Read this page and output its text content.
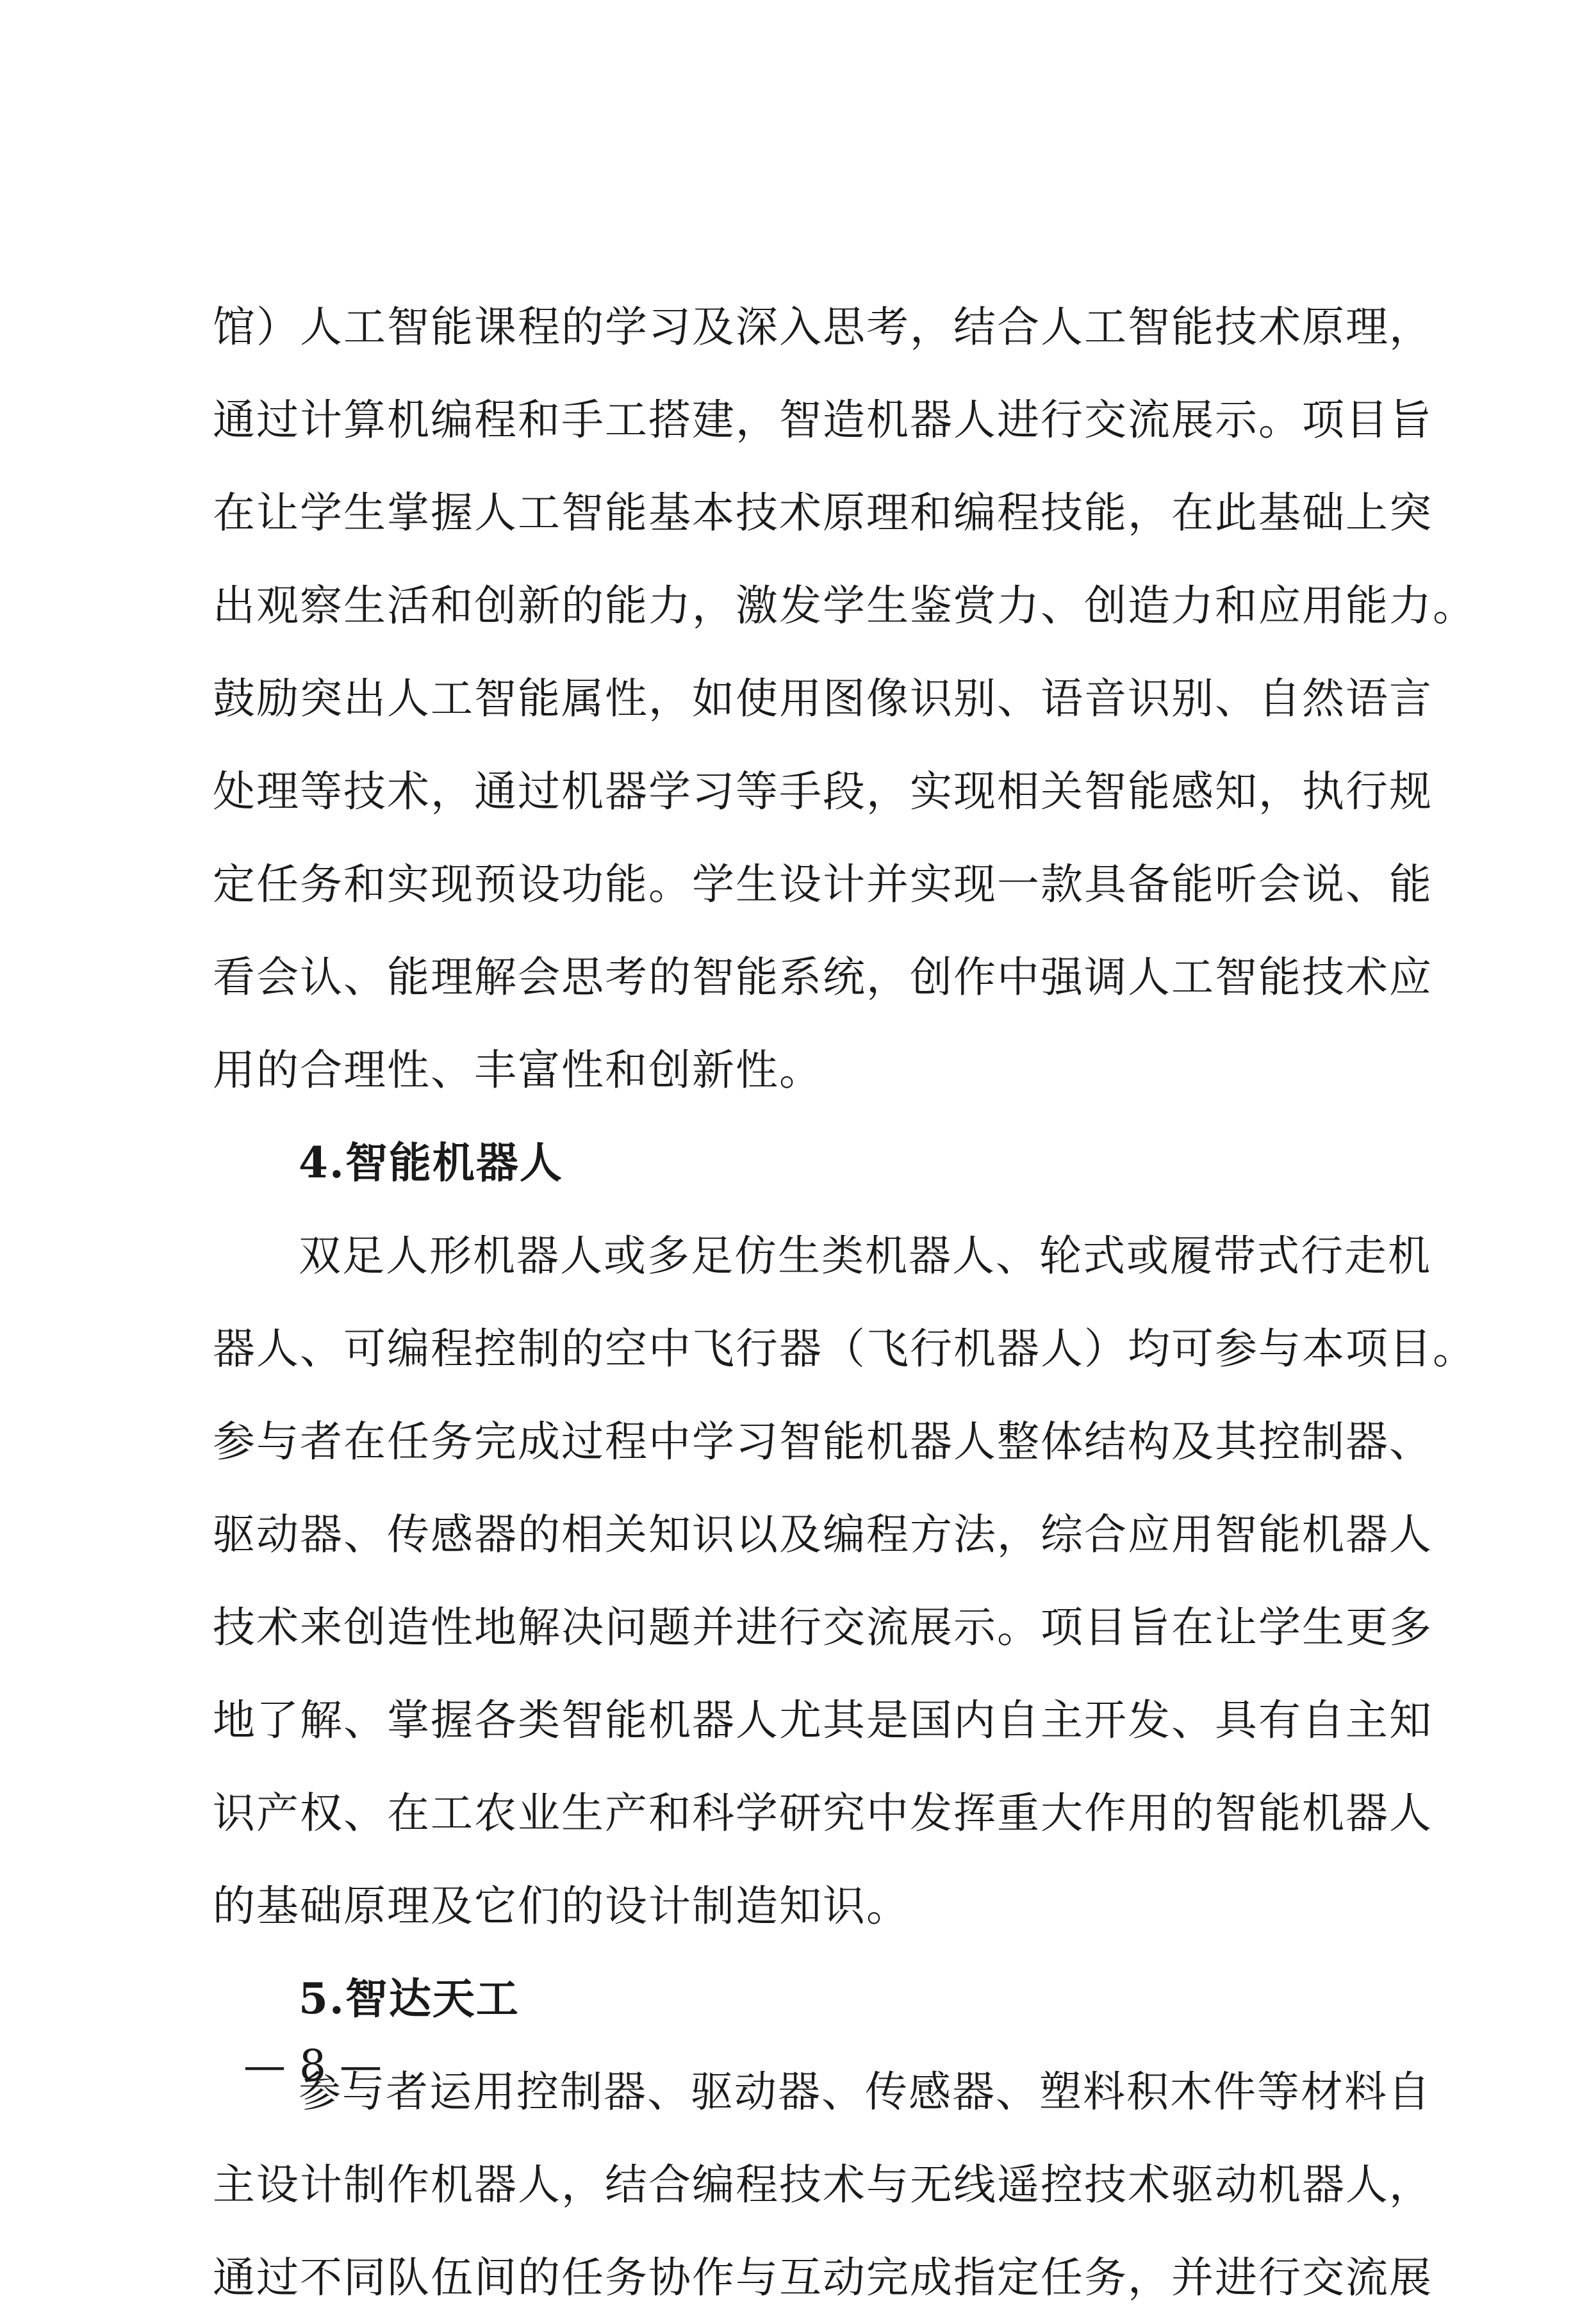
馆）人工智能课程的学习及深入思考，结合人工智能技术原理，
通过计算机编程和手工搭建，智造机器人进行交流展示。项目旨
在让学生掌握人工智能基本技术原理和编程技能，在此基础上突
出观察生活和创新的能力，激发学生鉴赏力、创造力和应用能力。
鼓励突出人工智能属性，如使用图像识别、语音识别、自然语言
处理等技术，通过机器学习等手段，实现相关智能感知，执行规
定任务和实现预设功能。学生设计并实现一款具备能听会说、能
看会认、能理解会思考的智能系统，创作中强调人工智能技术应
用的合理性、丰富性和创新性。
4.智能机器人
双足人形机器人或多足仿生类机器人、轮式或履带式行走机
器人、可编程控制的空中飞行器（飞行机器人）均可参与本项目。
参与者在任务完成过程中学习智能机器人整体结构及其控制器、
驱动器、传感器的相关知识以及编程方法，综合应用智能机器人
技术来创造性地解决问题并进行交流展示。项目旨在让学生更多
地了解、掌握各类智能机器人尤其是国内自主开发、具有自主知
识产权、在工农业生产和科学研究中发挥重大作用的智能机器人
的基础原理及它们的设计制造知识。
5.智达天工
参与者运用控制器、驱动器、传感器、塑料积木件等材料自
主设计制作机器人，结合编程技术与无线遥控技术驱动机器人，
通过不同队伍间的任务协作与互动完成指定任务，并进行交流展
— 8 —
